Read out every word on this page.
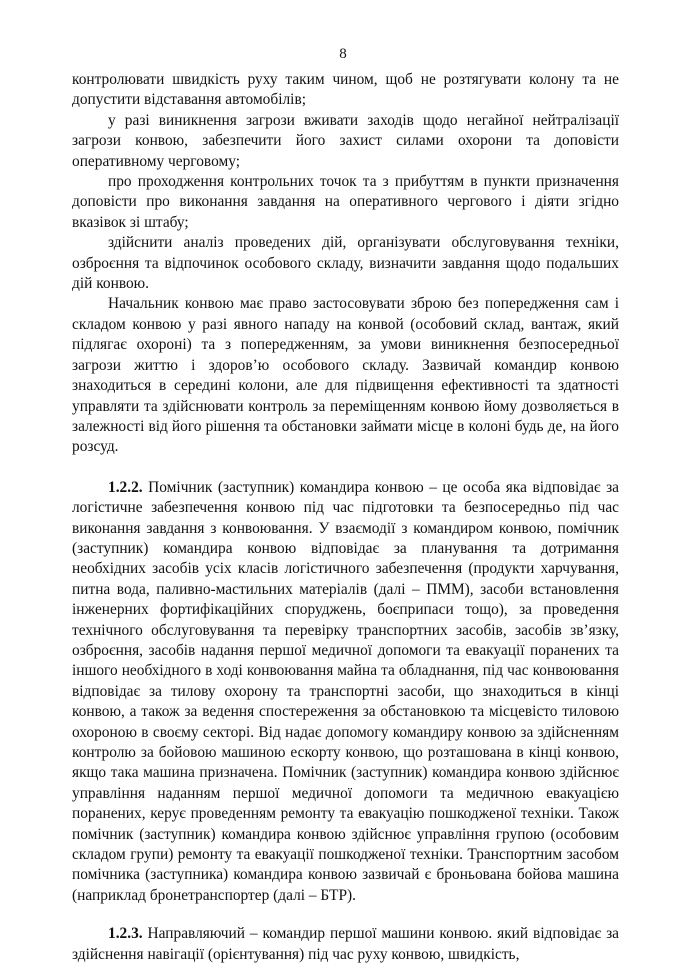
8

контролювати швидкість руху таким чином, щоб не розтягувати колону та не допустити відставання автомобілів;

у разі виникнення загрози вживати заходів щодо негайної нейтралізації загрози конвою, забезпечити його захист силами охорони та доповісти оперативному черговому;

про проходження контрольних точок та з прибуттям в пункти призначення доповісти про виконання завдання на оперативного чергового і діяти згідно вказівок зі штабу;

здійснити аналіз проведених дій, організувати обслуговування техніки, озброєння та відпочинок особового складу, визначити завдання щодо подальших дій конвою.

Начальник конвою має право застосовувати зброю без попередження сам і складом конвою у разі явного нападу на конвой (особовий склад, вантаж, який підлягає охороні) та з попередженням, за умови виникнення безпосередньої загрози життю і здоров’ю особового складу. Зазвичай командир конвою знаходиться в середині колони, але для підвищення ефективності та здатності управляти та здійснювати контроль за переміщенням конвою йому дозволяється в залежності від його рішення та обстановки займати місце в колоні будь де, на його розсуд.

1.2.2. Помічник (заступник) командира конвою – це особа яка відповідає за логістичне забезпечення конвою під час підготовки та безпосередньо під час виконання завдання з конвоювання. У взаємодії з командиром конвою, помічник (заступник) командира конвою відповідає за планування та дотримання необхідних засобів усіх класів логістичного забезпечення (продукти харчування, питна вода, паливно-мастильних матеріалів (далі – ПММ), засоби встановлення інженерних фортифікаційних споруджень, боєприпаси тощо), за проведення технічного обслуговування та перевірку транспортних засобів, засобів зв’язку, озброєння, засобів надання першої медичної допомоги та евакуації поранених та іншого необхідного в ході конвоювання майна та обладнання, під час конвоювання відповідає за тилову охорону та транспортні засоби, що знаходиться в кінці конвою, а також за ведення спостереження за обстановкою та місцевісто тиловою охороною в своєму секторі. Від надає допомогу командиру конвою за здійсненням контролю за бойовою машиною ескорту конвою, що розташована в кінці конвою, якщо така машина призначена. Помічник (заступник) командира конвою здійснює управління наданням першої медичної допомоги та медичною евакуацією поранених, керує проведенням ремонту та евакуацію пошкодженої техніки. Також помічник (заступник) командира конвою здійснює управління групою (особовим складом групи) ремонту та евакуації пошкодженої техніки. Транспортним засобом помічника (заступника) командира конвою зазвичай є броньована бойова машина (наприклад бронетранспортер (далі – БТР).

1.2.3. Направляючий – командир першої машини конвою. який відповідає за здійснення навігації (орієнтування) під час руху конвою, швидкість,
